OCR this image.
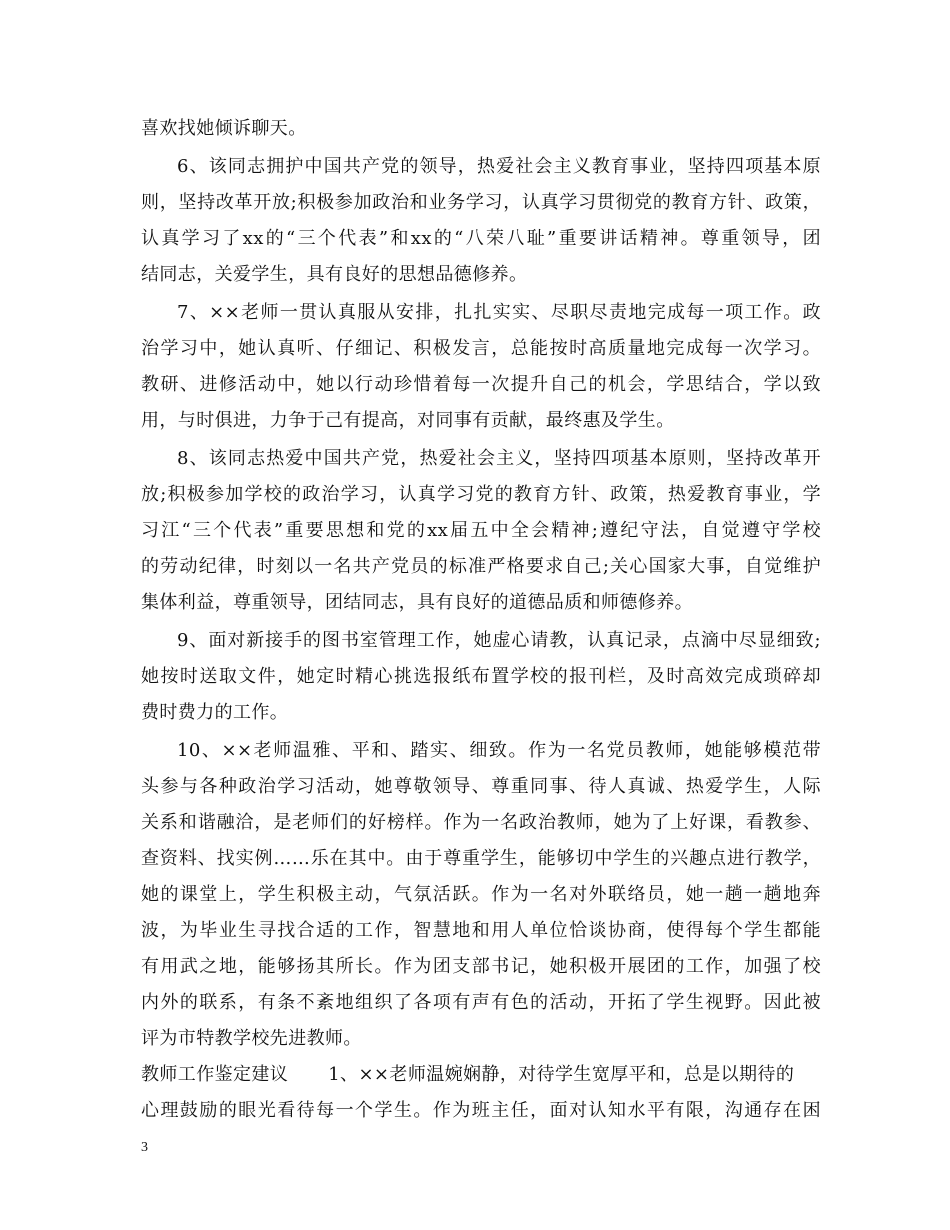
喜欢找她倾诉聊天。
6、该同志拥护中国共产党的领导，热爱社会主义教育事业，坚持四项基本原
则，坚持改革开放;积极参加政治和业务学习，认真学习贯彻党的教育方针、政策，
认真学习了xx的“三个代表”和xx的“八荣八耻”重要讲话精神。尊重领导，团
结同志，关爱学生，具有良好的思想品德修养。
7、××老师一贯认真服从安排，扎扎实实、尽职尽责地完成每一项工作。政
治学习中，她认真听、仔细记、积极发言，总能按时高质量地完成每一次学习。
教研、进修活动中，她以行动珍惜着每一次提升自己的机会，学思结合，学以致
用，与时俱进，力争于己有提高，对同事有贡献，最终惠及学生。
8、该同志热爱中国共产党，热爱社会主义，坚持四项基本原则，坚持改革开
放;积极参加学校的政治学习，认真学习党的教育方针、政策，热爱教育事业，学
习江“三个代表”重要思想和党的xx届五中全会精神;遵纪守法，自觉遵守学校
的劳动纪律，时刻以一名共产党员的标准严格要求自己;关心国家大事，自觉维护
集体利益，尊重领导，团结同志，具有良好的道德品质和师德修养。
9、面对新接手的图书室管理工作，她虚心请教，认真记录，点滴中尽显细致;
她按时送取文件，她定时精心挑选报纸布置学校的报刊栏，及时高效完成琐碎却
费时费力的工作。
10、××老师温雅、平和、踏实、细致。作为一名党员教师，她能够模范带
头参与各种政治学习活动，她尊敬领导、尊重同事、待人真诚、热爱学生，人际
关系和谐融洽，是老师们的好榜样。作为一名政治教师，她为了上好课，看教参、
查资料、找实例……乐在其中。由于尊重学生，能够切中学生的兴趣点进行教学，
她的课堂上，学生积极主动，气氛活跃。作为一名对外联络员，她一趟一趟地奔
波，为毕业生寻找合适的工作，智慧地和用人单位恰谈协商，使得每个学生都能
有用武之地，能够扬其所长。作为团支部书记，她积极开展团的工作，加强了校
内外的联系，有条不紊地组织了各项有声有色的活动，开拓了学生视野。因此被
评为市特教学校先进教师。
教师工作鉴定建议 1、××老师温婉娴静，对待学生宽厚平和，总是以期待的
心理鼓励的眼光看待每一个学生。作为班主任，面对认知水平有限，沟通存在困
3
